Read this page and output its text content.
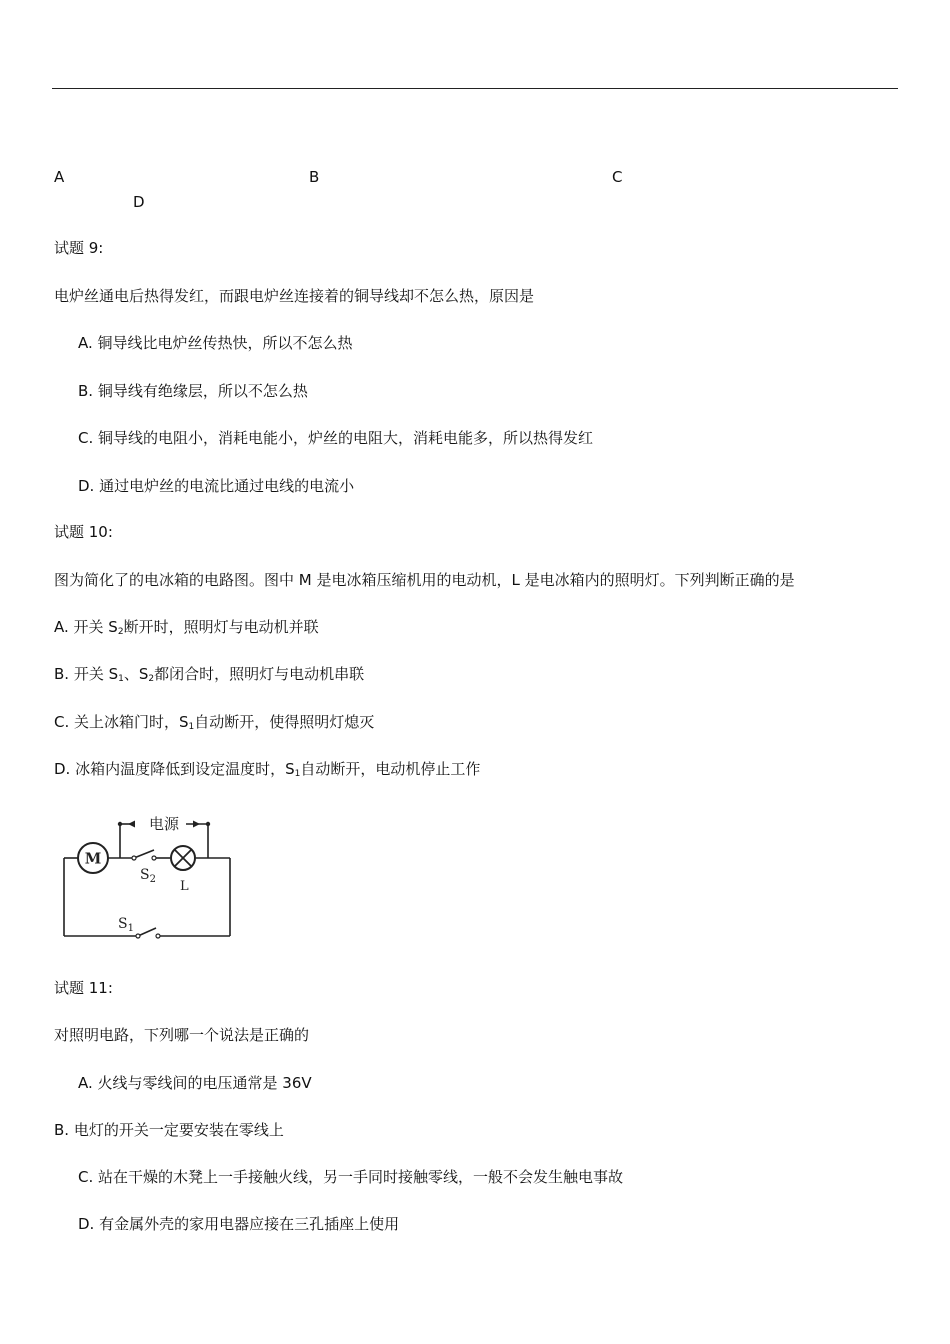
A	B	C
D
试题 9:
电炉丝通电后热得发红，而跟电炉丝连接着的铜导线却不怎么热，原因是
A. 铜导线比电炉丝传热快，所以不怎么热
B. 铜导线有绝缘层，所以不怎么热
C. 铜导线的电阻小，消耗电能小，炉丝的电阻大，消耗电能多，所以热得发红
D. 通过电炉丝的电流比通过电线的电流小
试题 10:
图为简化了的电冰箱的电路图。图中 M 是电冰箱压缩机用的电动机，L 是电冰箱内的照明灯。下列判断正确的是
A. 开关 $S_2$断开时，照明灯与电动机并联
B. 开关 $S_1$、$S_2$都闭合时，照明灯与电动机串联
C. 关上冰箱门时，$S_1$自动断开，使得照明灯熄灭
D. 冰箱内温度降低到设定温度时，$S_1$自动断开，电动机停止工作
M
电源
$S_2$ L
$S_1$
试题 11:
对照明电路，下列哪一个说法是正确的
A. 火线与零线间的电压通常是 36V
B. 电灯的开关一定要安装在零线上
C. 站在干燥的木凳上一手接触火线，另一手同时接触零线，一般不会发生触电事故
D. 有金属外壳的家用电器应接在三孔插座上使用
